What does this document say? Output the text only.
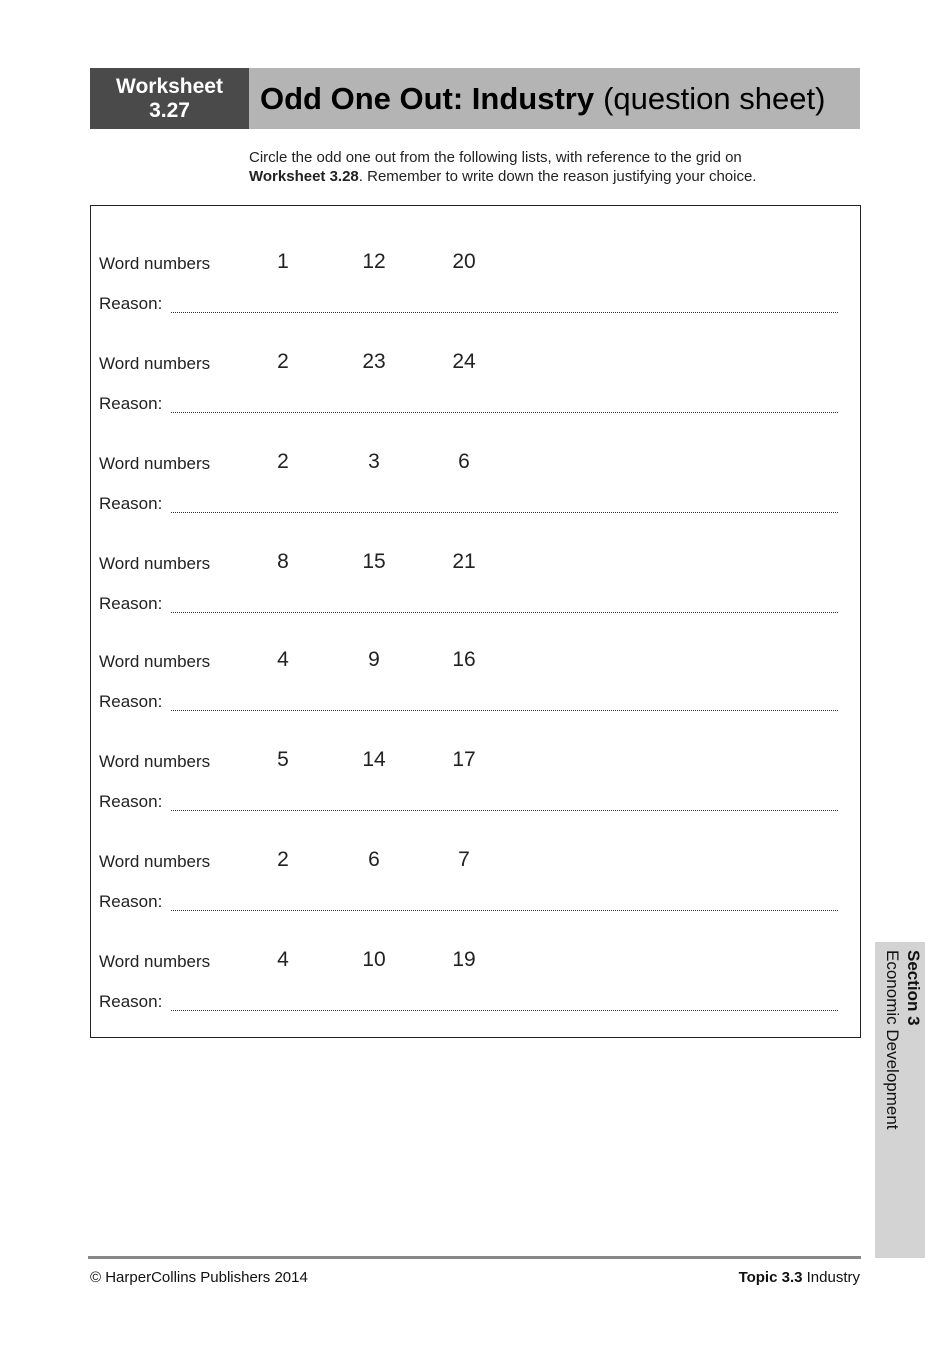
Worksheet
3.27 Odd One Out: Industry (question sheet)
Circle the odd one out from the following lists, with reference to the grid on
Worksheet 3.28. Remember to write down the reason justifying your choice.
Word numbers	1	12	20
Reason:
Word numbers	2	23	24
Reason:
Word numbers	2	3	6
Reason:
Word numbers	8	15	21
Reason:
Word numbers	4	9	16
Reason:
Word numbers	5	14	17
Reason:
Word numbers	2	6	7
Reason:
Word numbers	4	10	19
Reason:	Section 3
Economic Development
© HarperCollins Publishers 2014	Topic 3.3 Industry
